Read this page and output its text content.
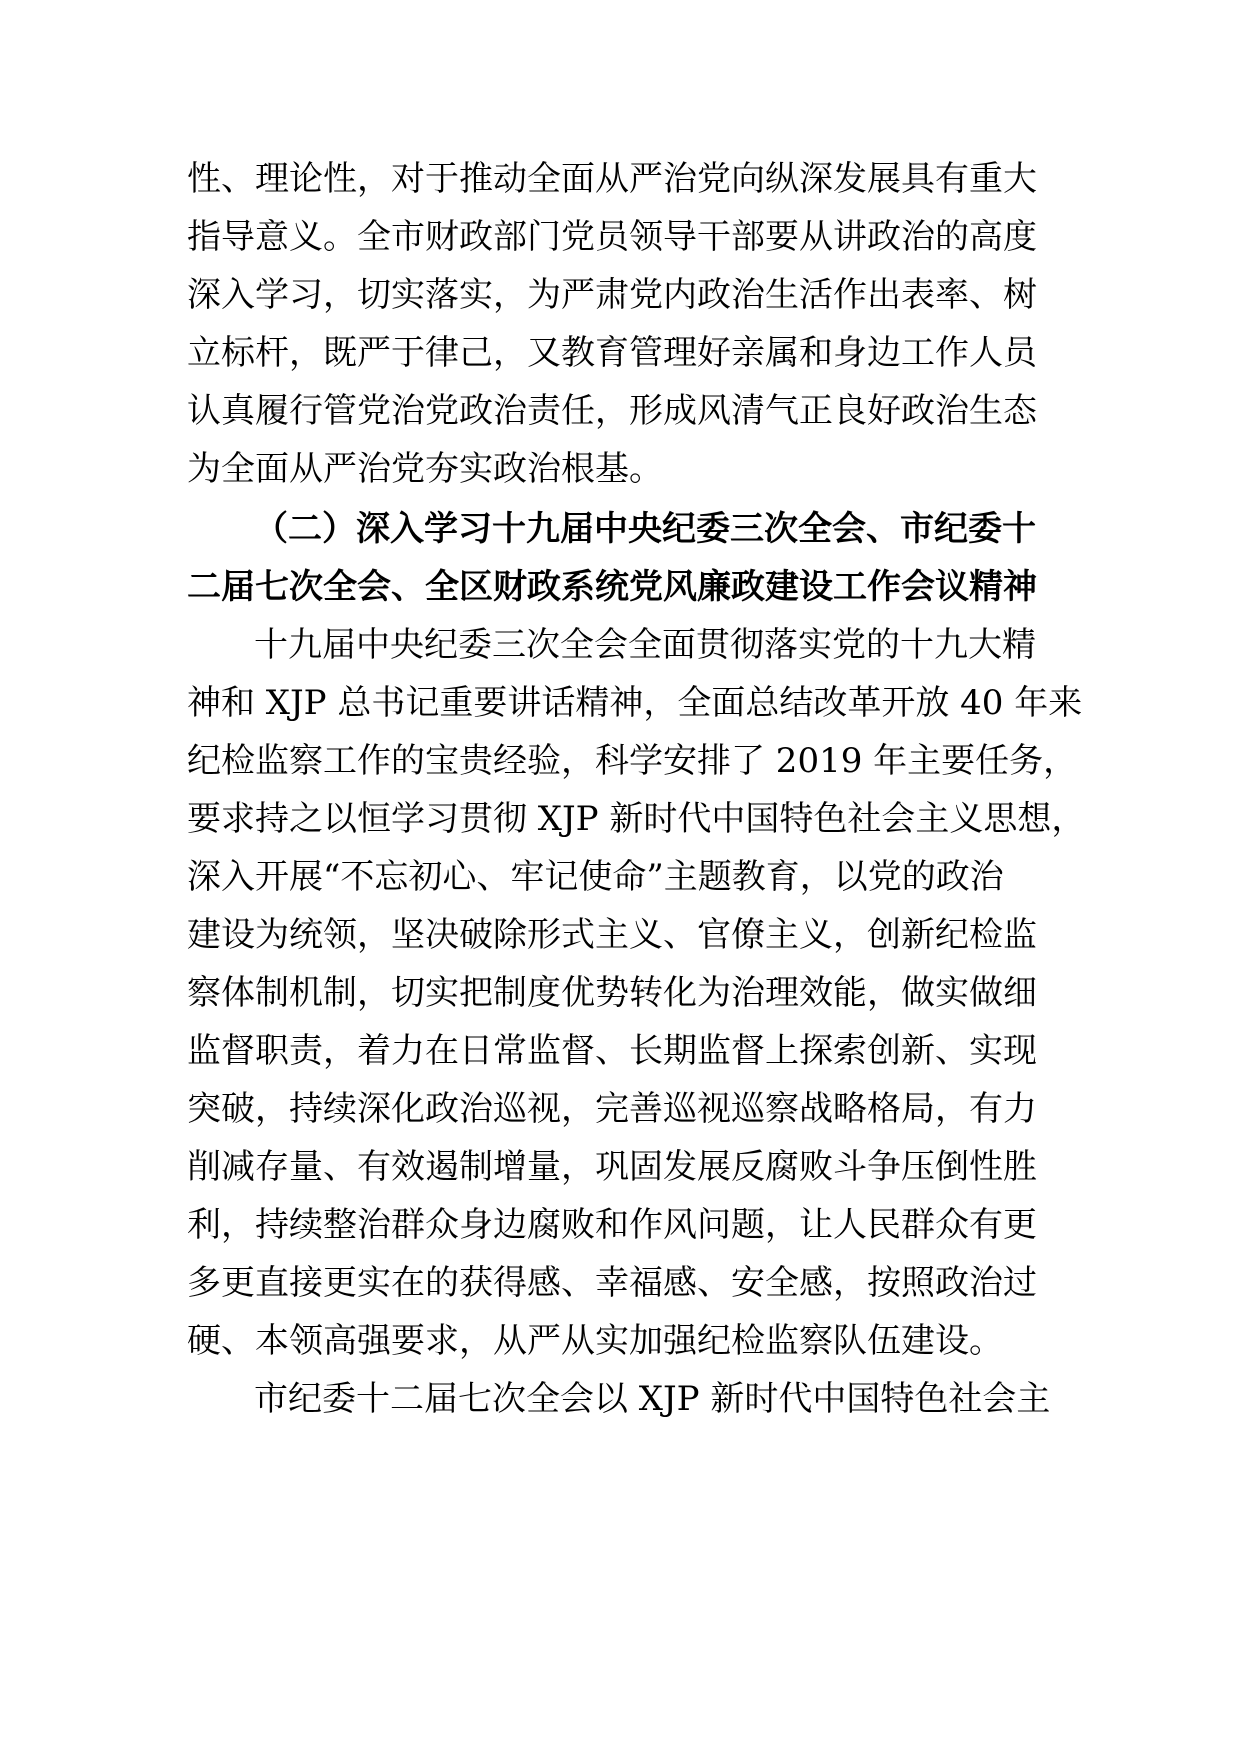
性、理论性，对于推动全面从严治党向纵深发展具有重大
指导意义。全市财政部门党员领导干部要从讲政治的高度
深入学习，切实落实，为严肃党内政治生活作出表率、树
立标杆，既严于律己，又教育管理好亲属和身边工作人员
认真履行管党治党政治责任，形成风清气正良好政治生态
为全面从严治党夯实政治根基。
（二）深入学习十九届中央纪委三次全会、市纪委十
二届七次全会、全区财政系统党风廉政建设工作会议精神
十九届中央纪委三次全会全面贯彻落实党的十九大精
神和 XJP 总书记重要讲话精神，全面总结改革开放 40 年来
纪检监察工作的宝贵经验，科学安排了 2019 年主要任务，
要求持之以恒学习贯彻 XJP 新时代中国特色社会主义思想，
深入开展“不忘初心、牢记使命”主题教育，以党的政治
建设为统领，坚决破除形式主义、官僚主义，创新纪检监
察体制机制，切实把制度优势转化为治理效能，做实做细
监督职责，着力在日常监督、长期监督上探索创新、实现
突破，持续深化政治巡视，完善巡视巡察战略格局，有力
削减存量、有效遏制增量，巩固发展反腐败斗争压倒性胜
利，持续整治群众身边腐败和作风问题，让人民群众有更
多更直接更实在的获得感、幸福感、安全感，按照政治过
硬、本领高强要求，从严从实加强纪检监察队伍建设。
市纪委十二届七次全会以 XJP 新时代中国特色社会主
